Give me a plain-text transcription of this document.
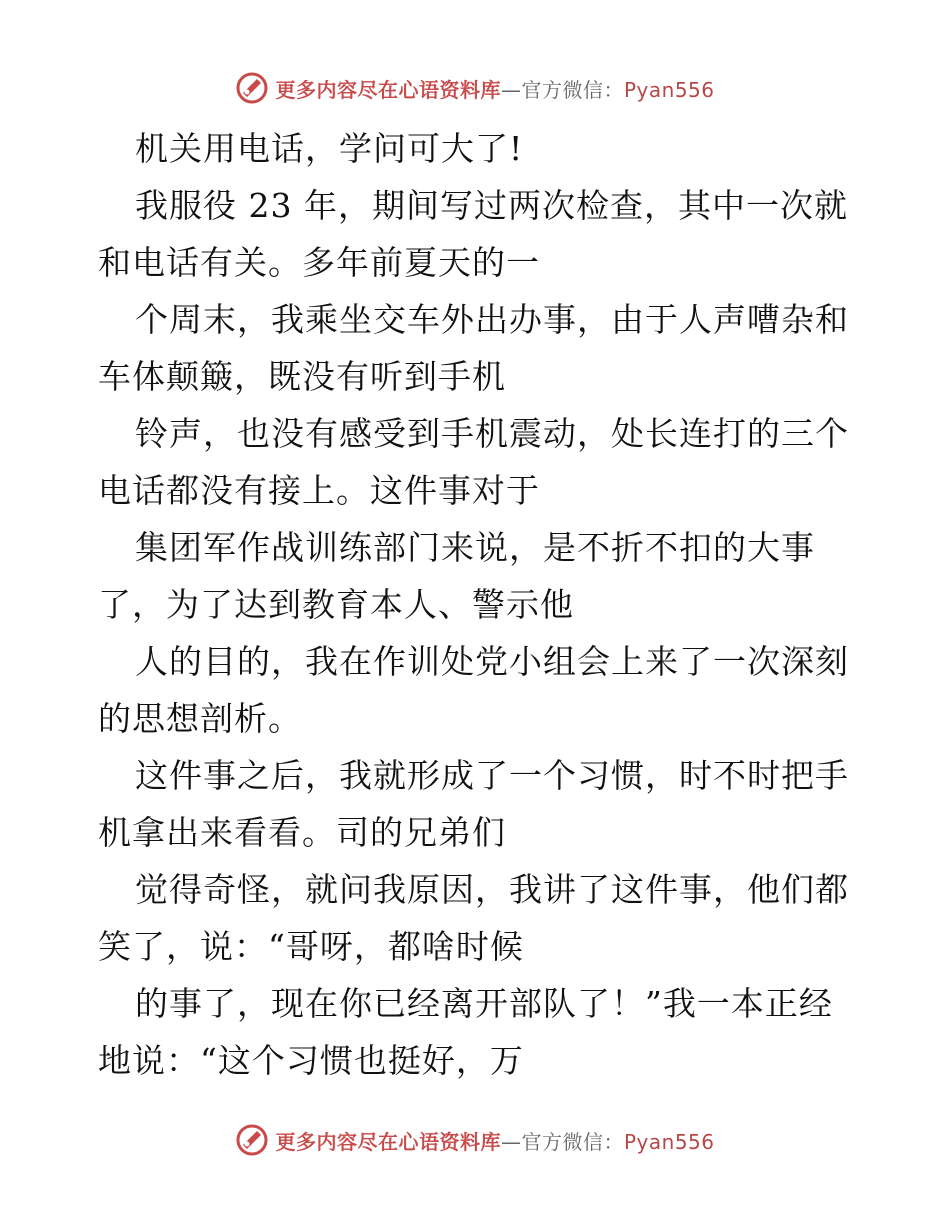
更多内容尽在心语资料库—官方微信：Pyan556
机关用电话，学问可大了!
我服役 23 年，期间写过两次检查，其中一次就
和电话有关。多年前夏天的一
个周末，我乘坐交车外出办事，由于人声嘈杂和
车体颠簸，既没有听到手机
铃声，也没有感受到手机震动，处长连打的三个
电话都没有接上。这件事对于
集团军作战训练部门来说，是不折不扣的大事
了，为了达到教育本人、警示他
人的目的，我在作训处党小组会上来了一次深刻
的思想剖析。
这件事之后，我就形成了一个习惯，时不时把手
机拿出来看看。司的兄弟们
觉得奇怪，就问我原因，我讲了这件事，他们都
笑了，说：“哥呀，都啥时候
的事了，现在你已经离开部队了！”我一本正经
地说：“这个习惯也挺好，万
更多内容尽在心语资料库—官方微信：Pyan556
